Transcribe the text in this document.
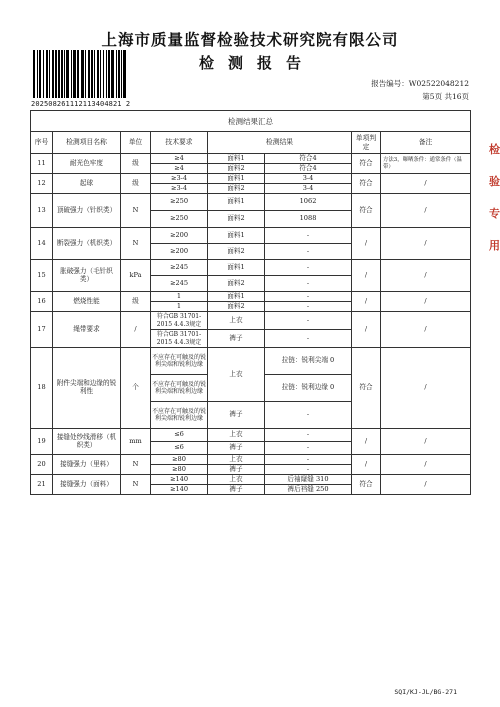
上海市质量监督检验技术研究院有限公司
检测报告
202508261112113404821 2
报告编号：W02522048212
第5页 共16页
检测结果汇总							
序号	检测项目名称	单位	技术要求	检测结果		单项判定	备注
11	耐光色牢度	级	≥4	面料1	符合4	符合	方法3，曝晒条件：通常条件（温带）
			≥4	面料2	符合4		
12	起球	级	≥3-4	面料1	3-4	符合	/
			≥3-4	面料2	3-4		
13	顶破强力（针织类）	N	≥250	面料1	1062	符合	/
			≥250	面料2	1088		
14	断裂强力（机织类）	N	≥200	面料1	-	/	/
			≥200	面料2	-		
15	胀破强力（毛针织类）	kPa	≥245	面料1	-	/	/
			≥245	面料2	-		
16	燃烧性能	级	1	面料1	-	/	/
			1	面料2	-		
17	绳带要求	/	符合GB 31701-2015 4.4.3规定	上衣	-	/	/
			符合GB 31701-2015 4.4.3规定	裤子	-		
18	附件尖端和边缘的锐利性	个	不应存在可触及的锐利尖端和锐利边缘	上衣	拉链：锐利尖端 0	符合	/
			不应存在可触及的锐利尖端和锐利边缘		拉链：锐利边缘 0		
			不应存在可触及的锐利尖端和锐利边缘	裤子	-		
19	接缝处纱线滑移（机织类）	mm	≤6	上衣	-	/	/
			≤6	裤子	-		
20	接缝强力（里料）	N	≥80	上衣	-	/	/
			≥80	裤子	-		
21	接缝强力（面料）	N	≥140	上衣	后袖窿缝 310	符合	/
			≥140	裤子	裤后裆缝 250		
SQI/KJ-JL/BG-271
检
验
专
用
